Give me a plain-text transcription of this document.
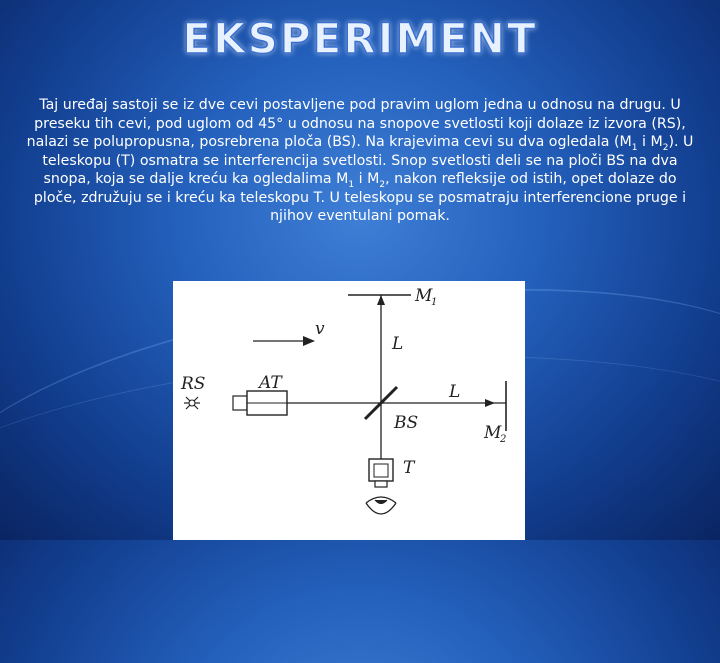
EKSPERIMENT
Taj uređaj sastoji se iz dve cevi postavljene pod pravim uglom jedna u odnosu na drugu. U preseku tih cevi, pod uglom od 45° u odnosu na snopove svetlosti koji dolaze iz izvora (RS), nalazi se polupropusna, posrebrena ploča (BS). Na krajevima cevi su dva ogledala ($M_1$ i $M_2$). U teleskopu (T) osmatra se interferencija svetlosti. Snop svetlosti deli se na ploči BS na dva snopa, koja se dalje kreću ka ogledalima $M_1$ i $M_2$, nakon refleksije od istih, opet dolaze do ploče, združuju se i kreću ka teleskopu T. U teleskopu se posmatraju interferencione pruge i njihov eventulani pomak.
M
1
v
L
RS	AT	L
BS	M
2
T
